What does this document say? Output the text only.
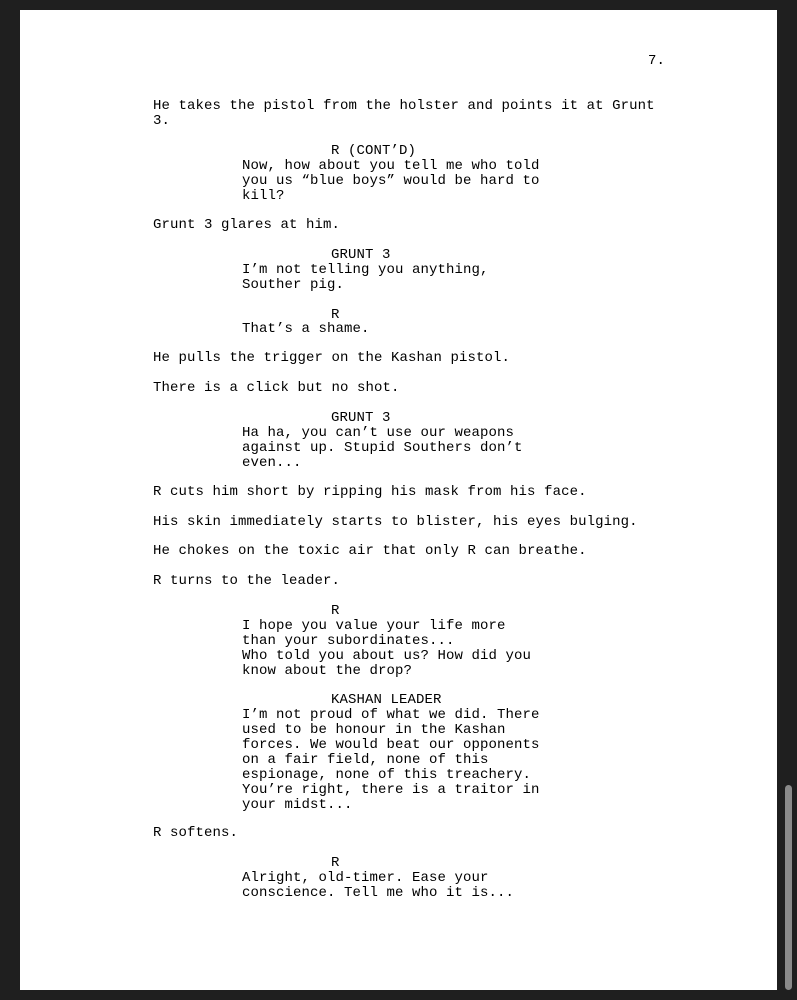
7.
He takes the pistol from the holster and points it at Grunt
3.
R (CONT’D)
Now, how about you tell me who told
you us “blue boys” would be hard to
kill?
Grunt 3 glares at him.
GRUNT 3
I’m not telling you anything,
Souther pig.
R
That’s a shame.
He pulls the trigger on the Kashan pistol.
There is a click but no shot.
GRUNT 3
Ha ha, you can’t use our weapons
against up. Stupid Southers don’t
even...
R cuts him short by ripping his mask from his face.
His skin immediately starts to blister, his eyes bulging.
He chokes on the toxic air that only R can breathe.
R turns to the leader.
R
I hope you value your life more
than your subordinates...
Who told you about us? How did you
know about the drop?
KASHAN LEADER
I’m not proud of what we did. There
used to be honour in the Kashan
forces. We would beat our opponents
on a fair field, none of this
espionage, none of this treachery.
You’re right, there is a traitor in
your midst...
R softens.
R
Alright, old-timer. Ease your
conscience. Tell me who it is...
